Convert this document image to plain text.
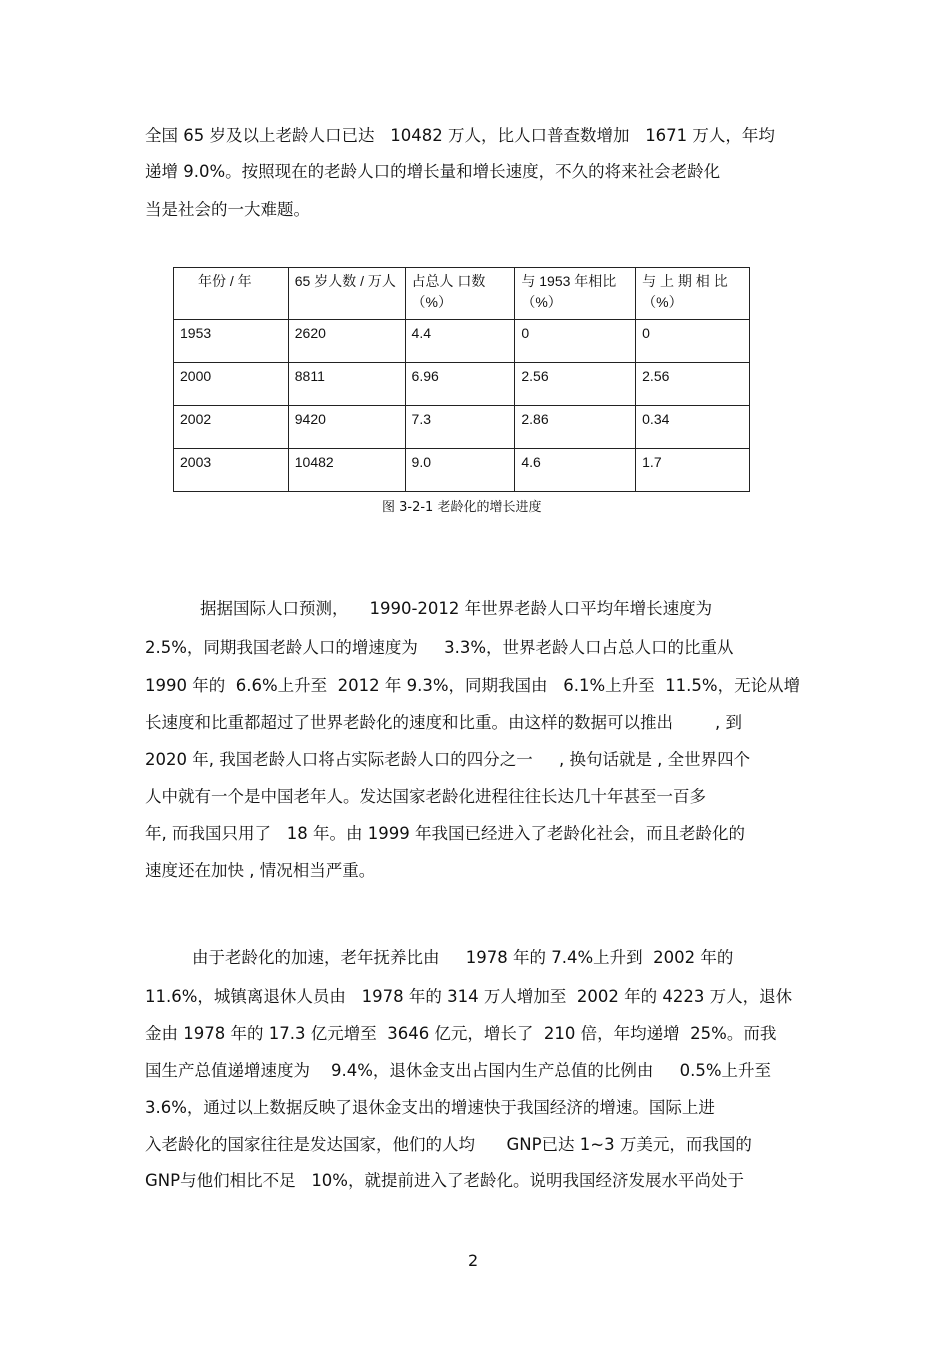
全国 65 岁及以上老龄人口已达   10482 万人，比人口普查数增加   1671 万人，年均
递增 9.0%。按照现在的老龄人口的增长量和增长速度，不久的将来社会老龄化
当是社会的一大难题。
年份 / 年	65 岁人数 / 万人	占总人 口数（%）	与 1953 年相比（%）	与 上 期 相 比（%）
1953	2620	4.4	0	0
2000	8811	6.96	2.56	2.56
2002	9420	7.3	2.86	0.34
2003	10482	9.0	4.6	1.7
图 3-2-1 老龄化的增长进度
据据国际人口预测，    1990-2012 年世界老龄人口平均年增长速度为
2.5%，同期我国老龄人口的增速度为     3.3%，世界老龄人口占总人口的比重从
1990 年的  6.6%上升至  2012 年 9.3%，同期我国由   6.1%上升至  11.5%，无论从增
长速度和比重都超过了世界老龄化的速度和比重。由这样的数据可以推出        , 到
2020 年, 我国老龄人口将占实际老龄人口的四分之一     , 换句话就是 , 全世界四个
人中就有一个是中国老年人。发达国家老龄化进程往往长达几十年甚至一百多
年, 而我国只用了   18 年。由 1999 年我国已经进入了老龄化社会，而且老龄化的
速度还在加快 , 情况相当严重。
由于老龄化的加速，老年抚养比由     1978 年的 7.4%上升到  2002 年的
11.6%，城镇离退休人员由   1978 年的 314 万人增加至  2002 年的 4223 万人，退休
金由 1978 年的 17.3 亿元增至  3646 亿元，增长了  210 倍，年均递增  25%。而我
国生产总值递增速度为    9.4%，退休金支出占国内生产总值的比例由     0.5%上升至
3.6%，通过以上数据反映了退休金支出的增速快于我国经济的增速。国际上进
入老龄化的国家往往是发达国家，他们的人均      GNP已达 1~3 万美元，而我国的
GNP与他们相比不足   10%，就提前进入了老龄化。说明我国经济发展水平尚处于
2
